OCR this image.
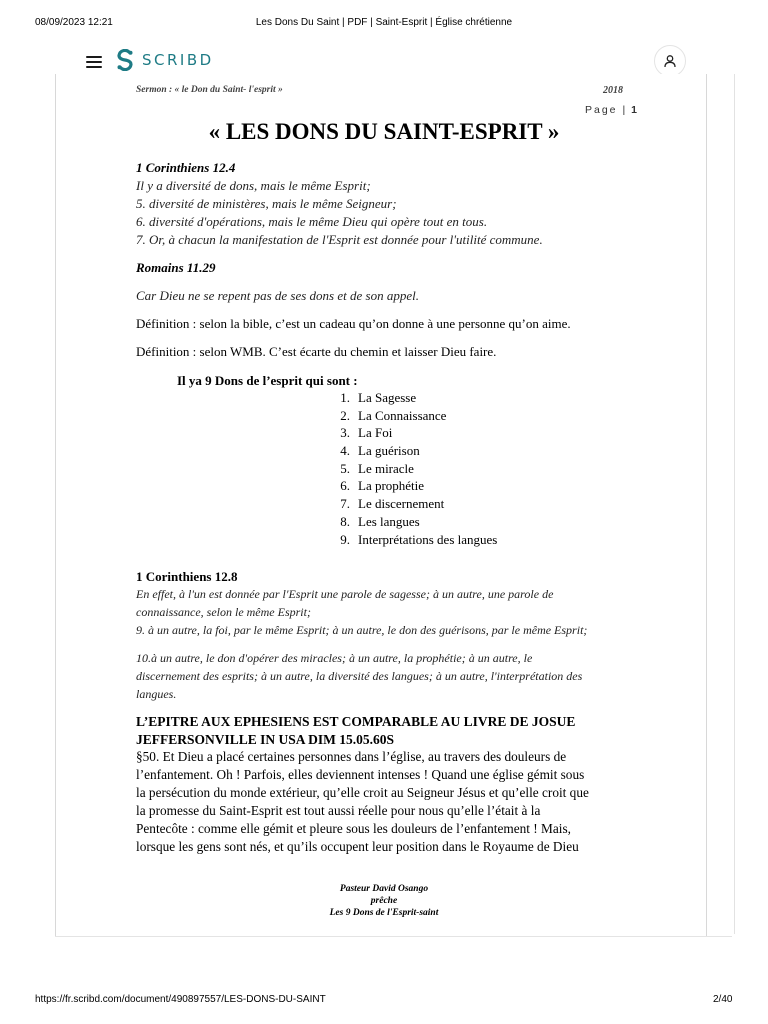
08/09/2023 12:21	Les Dons Du Saint | PDF | Saint-Esprit | Église chrétienne
SCRIBD
Sermon : « le Don du Saint- l'esprit »	2018
Page | 1
« LES DONS DU SAINT-ESPRIT »
1 Corinthiens 12.4
Il y a diversité de dons, mais le même Esprit;
5. diversité de ministères, mais le même Seigneur;
6. diversité d'opérations, mais le même Dieu qui opère tout en tous.
7. Or, à chacun la manifestation de l'Esprit est donnée pour l'utilité commune.
Romains 11.29
Car Dieu ne se repent pas de ses dons et de son appel.
Définition : selon la bible, c’est un cadeau qu’on donne à une personne qu’on aime.
Définition : selon WMB. C’est écarte du chemin et laisser Dieu faire.
Il ya 9 Dons de l’esprit qui sont :
1. La Sagesse
2. La Connaissance
3. La Foi
4. La guérison
5. Le miracle
6. La prophétie
7. Le discernement
8. Les langues
9. Interprétations des langues
1 Corinthiens 12.8
En effet, à l'un est donnée par l'Esprit une parole de sagesse; à un autre, une parole de
connaissance, selon le même Esprit;
9. à un autre, la foi, par le même Esprit; à un autre, le don des guérisons, par le même Esprit;
10.à un autre, le don d'opérer des miracles; à un autre, la prophétie; à un autre, le
discernement des esprits; à un autre, la diversité des langues; à un autre, l'interprétation des
langues.
L’EPITRE AUX EPHESIENS EST COMPARABLE AU LIVRE DE JOSUE
JEFFERSONVILLE IN USA DIM 15.05.60S
§50. Et Dieu a placé certaines personnes dans l’église, au travers des douleurs de
l’enfantement. Oh ! Parfois, elles deviennent intenses ! Quand une église gémit sous
la persécution du monde extérieur, qu’elle croit au Seigneur Jésus et qu’elle croit que
la promesse du Saint-Esprit est tout aussi réelle pour nous qu’elle l’était à la
Pentecôte : comme elle gémit et pleure sous les douleurs de l’enfantement ! Mais,
lorsque les gens sont nés, et qu’ils occupent leur position dans le Royaume de Dieu
Pasteur David Osango
prêche
Les 9 Dons de l'Esprit-saint
https://fr.scribd.com/document/490897557/LES-DONS-DU-SAINT	2/40
